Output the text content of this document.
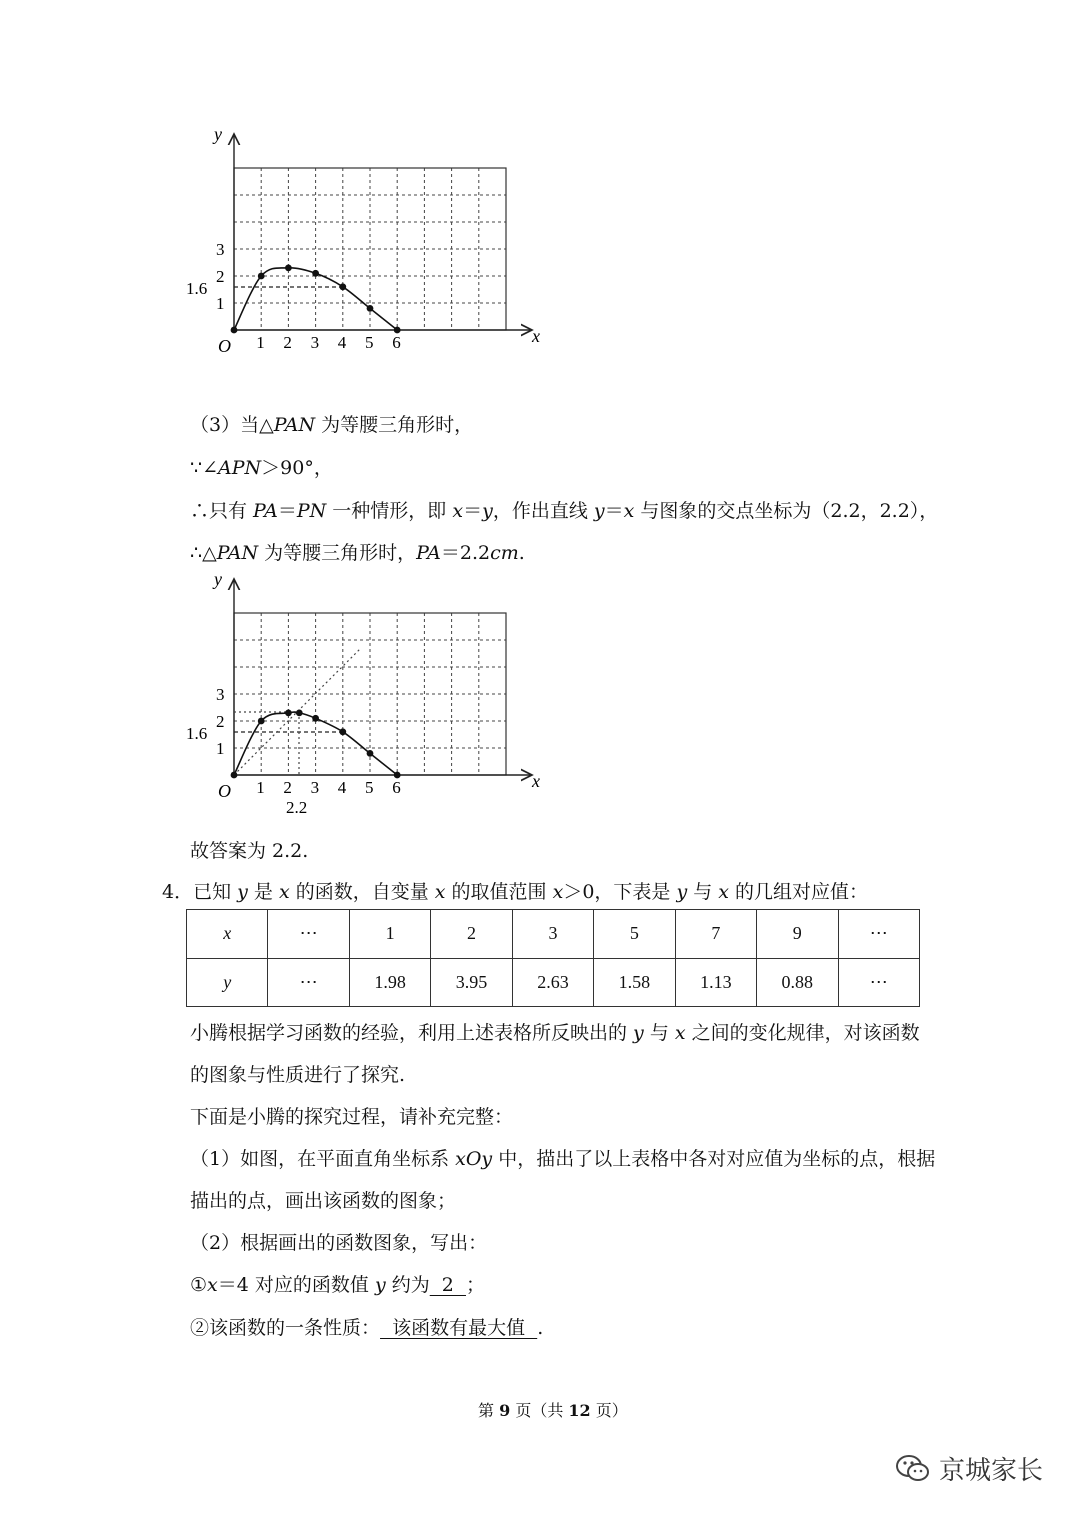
y
x
O 1 2 3 4 5 6
1
2
3
1.6
（3）当△PAN 为等腰三角形时，
∵∠APN＞90°，
∴只有 PA＝PN 一种情形，即 x＝y，作出直线 y＝x 与图象的交点坐标为（2.2，2.2），
∴△PAN 为等腰三角形时，PA＝2.2cm.
y
x
O 1 2 3 4 5 6
1
2
3
1.6
2.2
故答案为 2.2.
4．已知 y 是 x 的函数，自变量 x 的取值范围 x＞0，下表是 y 与 x 的几组对应值：
x	⋯	1	2	3	5	7	9	⋯
y	⋯	1.98	3.95	2.63	1.58	1.13	0.88	⋯
小腾根据学习函数的经验，利用上述表格所反映出的 y 与 x 之间的变化规律，对该函数
的图象与性质进行了探究.
下面是小腾的探究过程，请补充完整：
（1）如图，在平面直角坐标系 xOy 中，描出了以上表格中各对对应值为坐标的点，根据
描出的点，画出该函数的图象；
（2）根据画出的函数图象，写出：
①x＝4 对应的函数值 y 约为  2  ；
②该函数的一条性质：  该函数有最大值  .
第 9 页（共 12 页）
京城家长
